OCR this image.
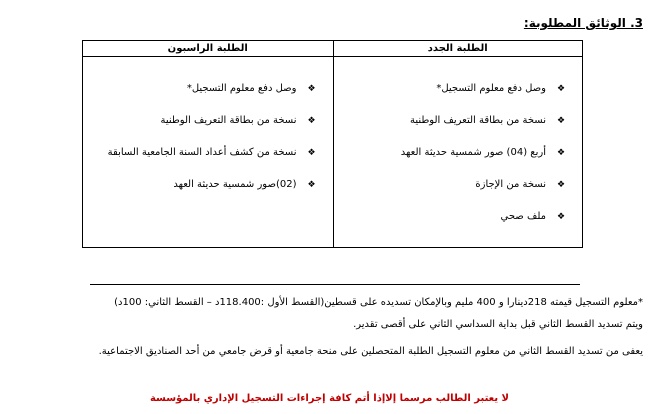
3. الوثائق المطلوبة:
الطلبة الجدد
❖
وصل دفع معلوم التسجيل*
❖
نسخة من بطاقة التعريف الوطنية
❖
أربع (04) صور شمسية حديثة العهد
❖
نسخة من الإجازة
❖
ملف صحي
الطلبة الراسبون
❖
وصل دفع معلوم التسجيل*
❖
نسخة من بطاقة التعريف الوطنية
❖
نسخة من كشف أعداد السنة الجامعية السابقة
❖
(02)صور شمسية حديثة العهد
*معلوم التسجيل قيمته 218دينارا و 400 مليم وبالإمكان تسديده على قسطين(القسط الأول :118.400د – القسط الثاني: 100د)
ويتم تسديد القسط الثاني قبل بداية السداسي الثاني على أقصى تقدير.
يعفى من تسديد القسط الثاني من معلوم التسجيل الطلبة المتحصلين على منحة جامعية أو قرض جامعي من أحد الصناديق الاجتماعية.
لا يعتبر الطالب مرسما إلاإذا أتم كافة إجراءات التسجيل الإداري بالمؤسسة
